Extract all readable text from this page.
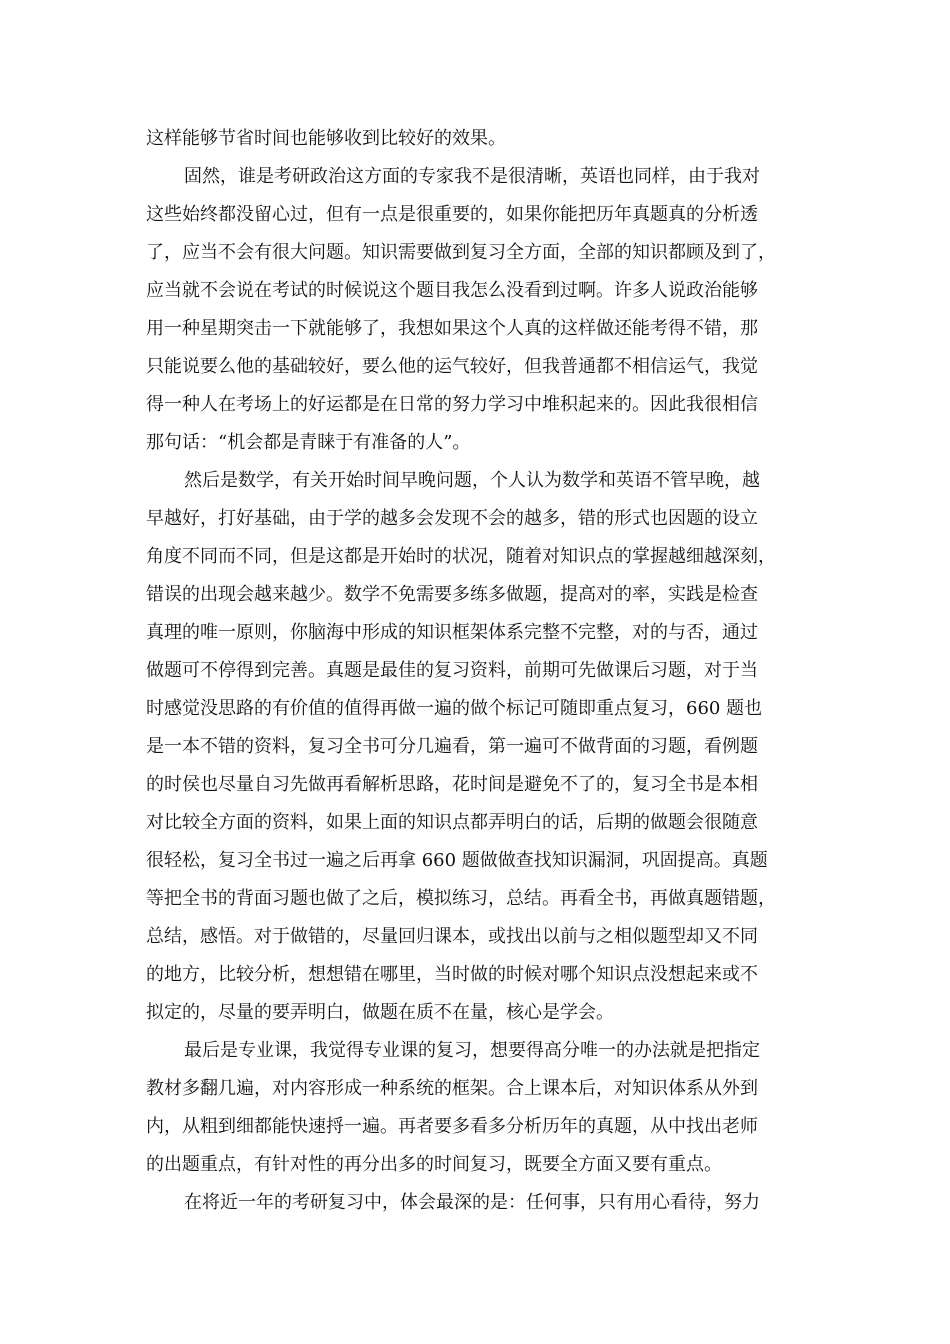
这样能够节省时间也能够收到比较好的效果。
固然，谁是考研政治这方面的专家我不是很清晰，英语也同样，由于我对
这些始终都没留心过，但有一点是很重要的，如果你能把历年真题真的分析透
了，应当不会有很大问题。知识需要做到复习全方面，全部的知识都顾及到了，
应当就不会说在考试的时候说这个题目我怎么没看到过啊。许多人说政治能够
用一种星期突击一下就能够了，我想如果这个人真的这样做还能考得不错，那
只能说要么他的基础较好，要么他的运气较好，但我普通都不相信运气，我觉
得一种人在考场上的好运都是在日常的努力学习中堆积起来的。因此我很相信
那句话：“机会都是青睐于有准备的人”。
然后是数学，有关开始时间早晚问题，个人认为数学和英语不管早晚，越
早越好，打好基础，由于学的越多会发现不会的越多，错的形式也因题的设立
角度不同而不同，但是这都是开始时的状况，随着对知识点的掌握越细越深刻，
错误的出现会越来越少。数学不免需要多练多做题，提高对的率，实践是检查
真理的唯一原则，你脑海中形成的知识框架体系完整不完整，对的与否，通过
做题可不停得到完善。真题是最佳的复习资料，前期可先做课后习题，对于当
时感觉没思路的有价值的值得再做一遍的做个标记可随即重点复习，660 题也
是一本不错的资料，复习全书可分几遍看，第一遍可不做背面的习题，看例题
的时侯也尽量自习先做再看解析思路，花时间是避免不了的，复习全书是本相
对比较全方面的资料，如果上面的知识点都弄明白的话，后期的做题会很随意
很轻松，复习全书过一遍之后再拿 660 题做做查找知识漏洞，巩固提高。真题
等把全书的背面习题也做了之后，模拟练习，总结。再看全书，再做真题错题，
总结，感悟。对于做错的，尽量回归课本，或找出以前与之相似题型却又不同
的地方，比较分析，想想错在哪里，当时做的时候对哪个知识点没想起来或不
拟定的，尽量的要弄明白，做题在质不在量，核心是学会。
最后是专业课，我觉得专业课的复习，想要得高分唯一的办法就是把指定
教材多翻几遍，对内容形成一种系统的框架。合上课本后，对知识体系从外到
内，从粗到细都能快速捋一遍。再者要多看多分析历年的真题，从中找出老师
的出题重点，有针对性的再分出多的时间复习，既要全方面又要有重点。
在将近一年的考研复习中，体会最深的是：任何事，只有用心看待，努力
